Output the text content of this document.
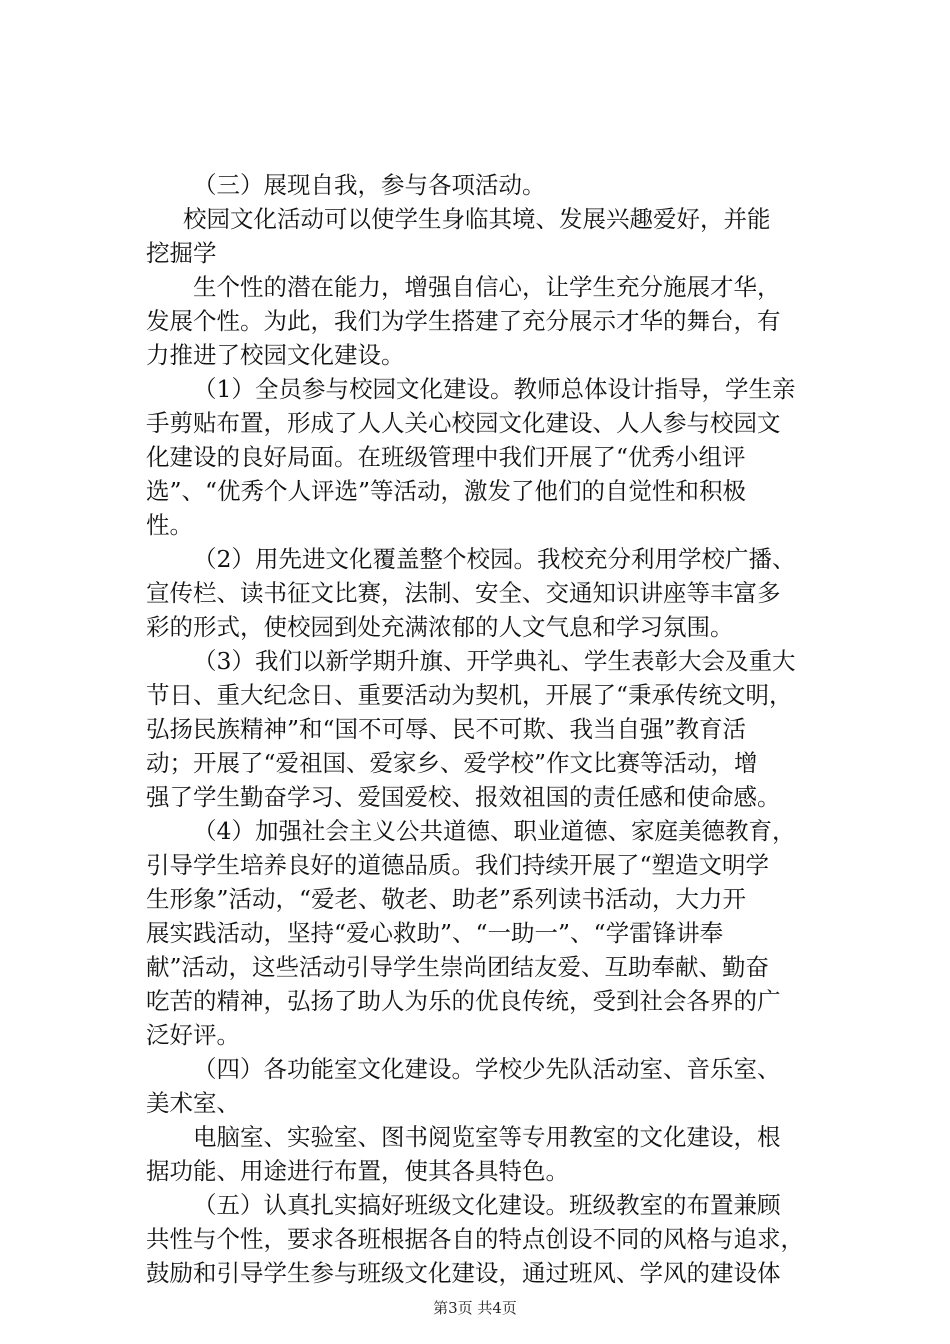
（三）展现自我，参与各项活动。
校园文化活动可以使学生身临其境、发展兴趣爱好，并能
挖掘学
生个性的潜在能力，增强自信心，让学生充分施展才华，
发展个性。为此，我们为学生搭建了充分展示才华的舞台，有
力推进了校园文化建设。
（1）全员参与校园文化建设。教师总体设计指导，学生亲
手剪贴布置，形成了人人关心校园文化建设、人人参与校园文
化建设的良好局面。在班级管理中我们开展了“优秀小组评
选”、“优秀个人评选”等活动，激发了他们的自觉性和积极
性。
（2）用先进文化覆盖整个校园。我校充分利用学校广播、
宣传栏、读书征文比赛，法制、安全、交通知识讲座等丰富多
彩的形式，使校园到处充满浓郁的人文气息和学习氛围。
（3）我们以新学期升旗、开学典礼、学生表彰大会及重大
节日、重大纪念日、重要活动为契机，开展了“秉承传统文明，
弘扬民族精神”和“国不可辱、民不可欺、我当自强”教育活
动；开展了“爱祖国、爱家乡、爱学校”作文比赛等活动，增
强了学生勤奋学习、爱国爱校、报效祖国的责任感和使命感。
（4）加强社会主义公共道德、职业道德、家庭美德教育，
引导学生培养良好的道德品质。我们持续开展了“塑造文明学
生形象”活动，“爱老、敬老、助老”系列读书活动，大力开
展实践活动，坚持“爱心救助”、“一助一”、“学雷锋讲奉
献”活动，这些活动引导学生崇尚团结友爱、互助奉献、勤奋
吃苦的精神，弘扬了助人为乐的优良传统，受到社会各界的广
泛好评。
（四）各功能室文化建设。学校少先队活动室、音乐室、
美术室、
电脑室、实验室、图书阅览室等专用教室的文化建设，根
据功能、用途进行布置，使其各具特色。
（五）认真扎实搞好班级文化建设。班级教室的布置兼顾
共性与个性，要求各班根据各自的特点创设不同的风格与追求，
鼓励和引导学生参与班级文化建设，通过班风、学风的建设体
第3页 共4页
